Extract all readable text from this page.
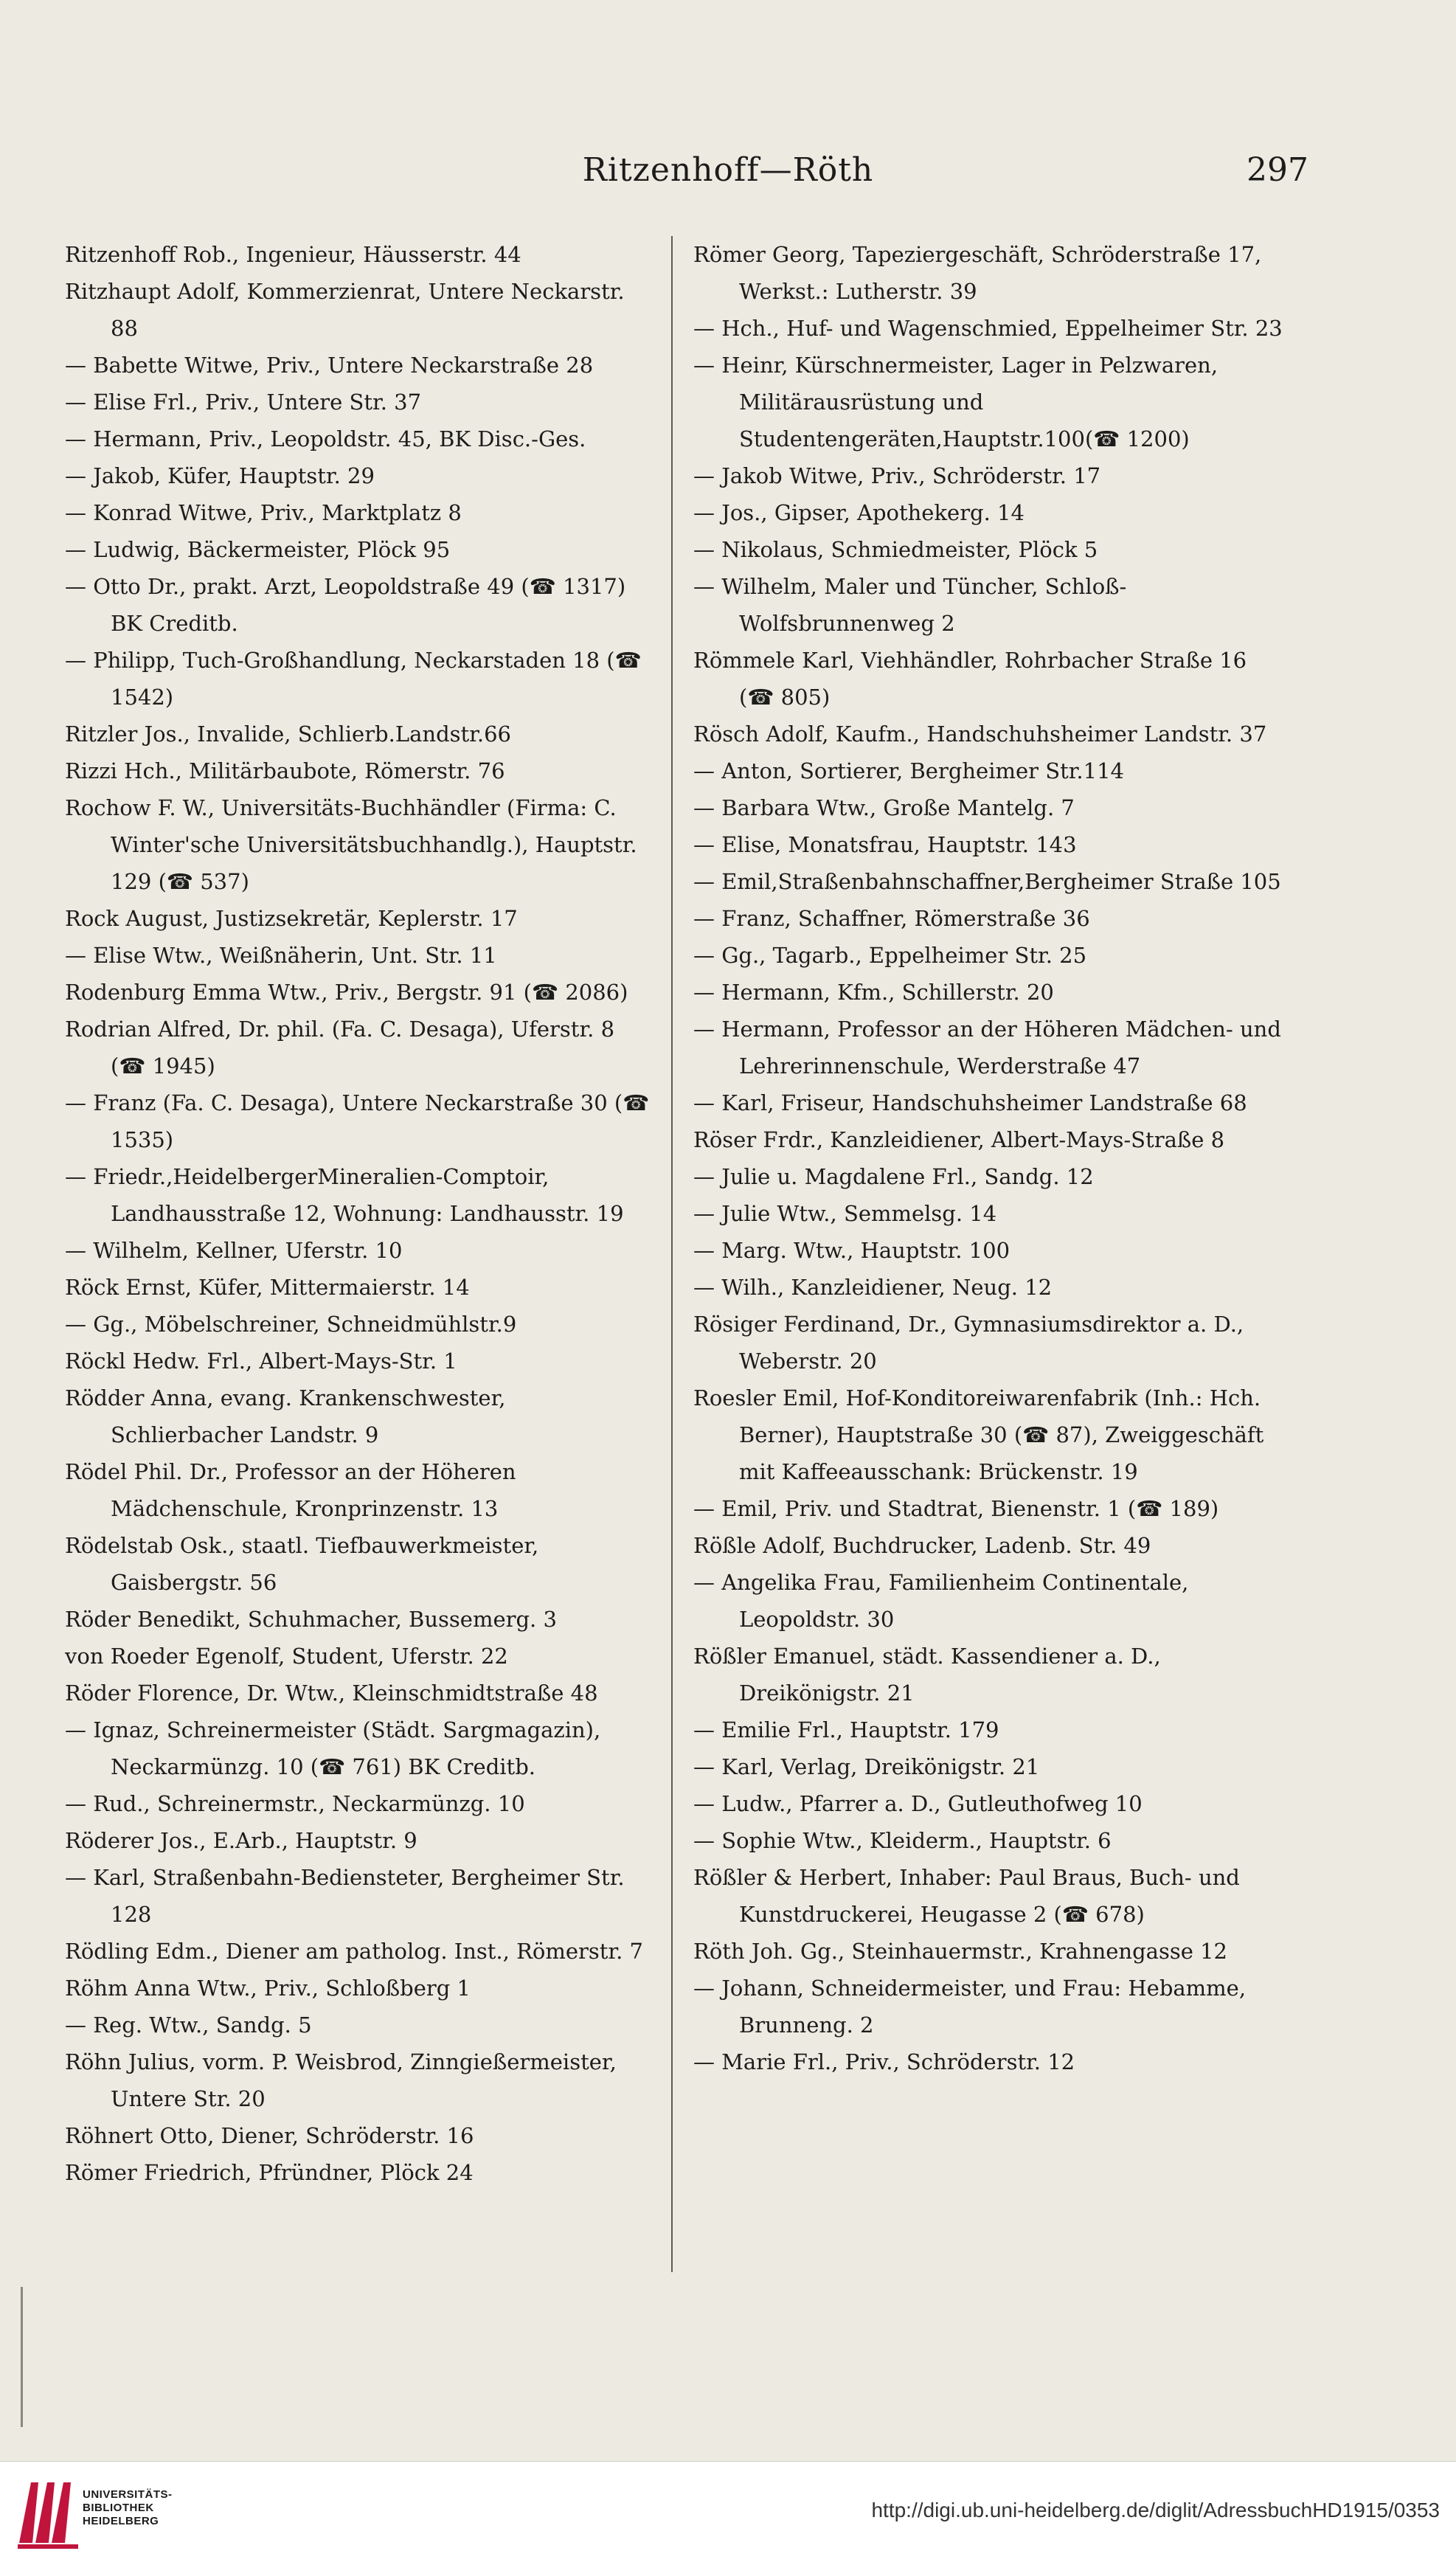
Ritzenhoff—Röth	297

Ritzenhoff Rob., Ingenieur, Häusserstr. 44

Ritzhaupt Adolf, Kommerzienrat, Untere Neckarstr. 88

— Babette Witwe, Priv., Untere Neckarstraße 28

— Elise Frl., Priv., Untere Str. 37

— Hermann, Priv., Leopoldstr. 45, BK Disc.-Ges.

— Jakob, Küfer, Hauptstr. 29

— Konrad Witwe, Priv., Marktplatz 8

— Ludwig, Bäckermeister, Plöck 95

— Otto Dr., prakt. Arzt, Leopoldstraße 49 (☎ 1317) BK Creditb.

— Philipp, Tuch-Großhandlung, Neckarstaden 18 (☎ 1542)

Ritzler Jos., Invalide, Schlierb.Landstr.66

Rizzi Hch., Militärbaubote, Römerstr. 76

Rochow F. W., Universitäts-Buchhändler (Firma: C. Winter'sche Universitätsbuchhandlg.), Hauptstr. 129 (☎ 537)

Rock August, Justizsekretär, Keplerstr. 17

— Elise Wtw., Weißnäherin, Unt. Str. 11

Rodenburg Emma Wtw., Priv., Bergstr. 91 (☎ 2086)

Rodrian Alfred, Dr. phil. (Fa. C. Desaga), Uferstr. 8 (☎ 1945)

— Franz (Fa. C. Desaga), Untere Neckarstraße 30 (☎ 1535)

— Friedr.,HeidelbergerMineralien-Comptoir, Landhausstraße 12, Wohnung: Landhausstr. 19

— Wilhelm, Kellner, Uferstr. 10

Röck Ernst, Küfer, Mittermaierstr. 14

— Gg., Möbelschreiner, Schneidmühlstr.9

Röckl Hedw. Frl., Albert-Mays-Str. 1

Rödder Anna, evang. Krankenschwester, Schlierbacher Landstr. 9

Rödel Phil. Dr., Professor an der Höheren Mädchenschule, Kronprinzenstr. 13

Rödelstab Osk., staatl. Tiefbauwerkmeister, Gaisbergstr. 56

Röder Benedikt, Schuhmacher, Bussemerg. 3

von Roeder Egenolf, Student, Uferstr. 22

Röder Florence, Dr. Wtw., Kleinschmidtstraße 48

— Ignaz, Schreinermeister (Städt. Sargmagazin), Neckarmünzg. 10 (☎ 761) BK Creditb.

— Rud., Schreinermstr., Neckarmünzg. 10

Röderer Jos., E.Arb., Hauptstr. 9

— Karl, Straßenbahn-Bediensteter, Bergheimer Str. 128

Rödling Edm., Diener am patholog. Inst., Römerstr. 7

Röhm Anna Wtw., Priv., Schloßberg 1

— Reg. Wtw., Sandg. 5

Röhn Julius, vorm. P. Weisbrod, Zinngießermeister, Untere Str. 20

Röhnert Otto, Diener, Schröderstr. 16

Römer Friedrich, Pfründner, Plöck 24

Römer Georg, Tapeziergeschäft, Schröderstraße 17, Werkst.: Lutherstr. 39

— Hch., Huf- und Wagenschmied, Eppelheimer Str. 23

— Heinr, Kürschnermeister, Lager in Pelzwaren, Militärausrüstung und Studentengeräten,Hauptstr.100(☎ 1200)

— Jakob Witwe, Priv., Schröderstr. 17

— Jos., Gipser, Apothekerg. 14

— Nikolaus, Schmiedmeister, Plöck 5

— Wilhelm, Maler und Tüncher, Schloß-Wolfsbrunnenweg 2

Römmele Karl, Viehhändler, Rohrbacher Straße 16 (☎ 805)

Rösch Adolf, Kaufm., Handschuhsheimer Landstr. 37

— Anton, Sortierer, Bergheimer Str.114

— Barbara Wtw., Große Mantelg. 7

— Elise, Monatsfrau, Hauptstr. 143

— Emil,Straßenbahnschaffner,Bergheimer Straße 105

— Franz, Schaffner, Römerstraße 36

— Gg., Tagarb., Eppelheimer Str. 25

— Hermann, Kfm., Schillerstr. 20

— Hermann, Professor an der Höheren Mädchen- und Lehrerinnenschule, Werderstraße 47

— Karl, Friseur, Handschuhsheimer Landstraße 68

Röser Frdr., Kanzleidiener, Albert-Mays-Straße 8

— Julie u. Magdalene Frl., Sandg. 12

— Julie Wtw., Semmelsg. 14

— Marg. Wtw., Hauptstr. 100

— Wilh., Kanzleidiener, Neug. 12

Rösiger Ferdinand, Dr., Gymnasiumsdirektor a. D., Weberstr. 20

Roesler Emil, Hof-Konditoreiwarenfabrik (Inh.: Hch. Berner), Hauptstraße 30 (☎ 87), Zweiggeschäft mit Kaffeeausschank: Brückenstr. 19

— Emil, Priv. und Stadtrat, Bienenstr. 1 (☎ 189)

Rößle Adolf, Buchdrucker, Ladenb. Str. 49

— Angelika Frau, Familienheim Continentale, Leopoldstr. 30

Rößler Emanuel, städt. Kassendiener a. D., Dreikönigstr. 21

— Emilie Frl., Hauptstr. 179

— Karl, Verlag, Dreikönigstr. 21

— Ludw., Pfarrer a. D., Gutleuthofweg 10

— Sophie Wtw., Kleiderm., Hauptstr. 6

Rößler & Herbert, Inhaber: Paul Braus, Buch- und Kunstdruckerei, Heugasse 2 (☎ 678)

Röth Joh. Gg., Steinhauermstr., Krahnengasse 12

— Johann, Schneidermeister, und Frau: Hebamme, Brunneng. 2

— Marie Frl., Priv., Schröderstr. 12

UNIVERSITÄTS-
BIBLIOTHEK
HEIDELBERG	http://digi.ub.uni-heidelberg.de/diglit/AdressbuchHD1915/0353
